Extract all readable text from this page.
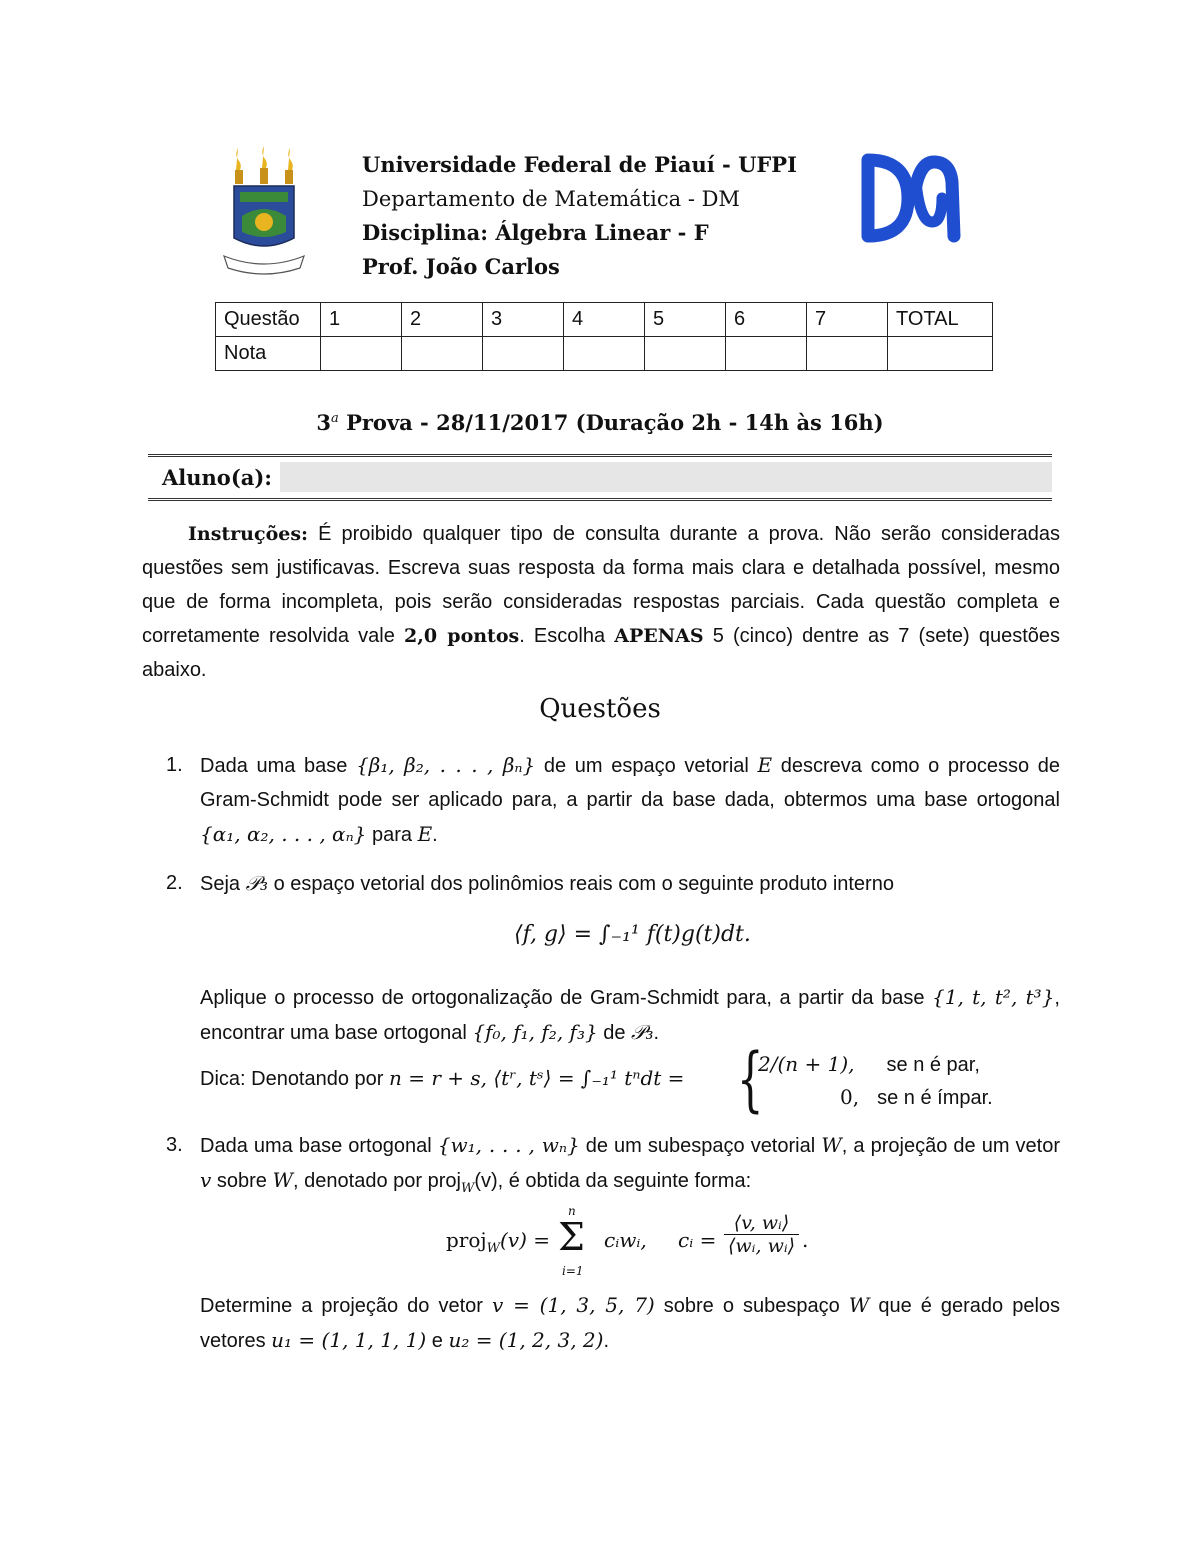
Universidade Federal de Piauí - UFPI
Departamento de Matemática - DM
Disciplina: Álgebra Linear - F
Prof. João Carlos
Questão	1	2	3	4	5	6	7	TOTAL
Nota								
3$^a$ Prova - 28/11/2017 (Duração 2h - 14h às 16h)
Aluno(a):
Instruções: É proibido qualquer tipo de consulta durante a prova. Não serão consideradas questões sem justificavas. Escreva suas resposta da forma mais clara e detalhada possível, mesmo que de forma incompleta, pois serão consideradas respostas parciais. Cada questão completa e corretamente resolvida vale 2,0 pontos. Escolha APENAS 5 (cinco) dentre as 7 (sete) questões abaixo.
Questões
1. Dada uma base {β₁, β₂, . . . , βₙ} de um espaço vetorial E descreva como o processo de Gram-Schmidt pode ser aplicado para, a partir da base dada, obtermos uma base ortogonal {α₁, α₂, . . . , αₙ} para E.
2. Seja 𝒫₃ o espaço vetorial dos polinômios reais com o seguinte produto interno
⟨f, g⟩ = ∫₋₁¹ f(t)g(t)dt.
Aplique o processo de ortogonalização de Gram-Schmidt para, a partir da base {1, t, t², t³}, encontrar uma base ortogonal {f₀, f₁, f₂, f₃} de 𝒫₃.
Dica: Denotando por n = r + s, ⟨tʳ, tˢ⟩ = ∫₋₁¹ tⁿdt = {
2/(n + 1), se n é par,
0, se n é ímpar.
3. Dada uma base ortogonal {w₁, . . . , wₙ} de um subespaço vetorial W, a projeção de um vetor v sobre W, denotado por proj$_W$(v), é obtida da seguinte forma:
proj$_W$(v) =
n
Σ
i=1
cᵢwᵢ, cᵢ = $\frac{\text{⟨v, wᵢ⟩}}{\text{⟨wᵢ, wᵢ⟩}}$ .
Determine a projeção do vetor v = (1, 3, 5, 7) sobre o subespaço W que é gerado pelos vetores u₁ = (1, 1, 1, 1) e u₂ = (1, 2, 3, 2).
